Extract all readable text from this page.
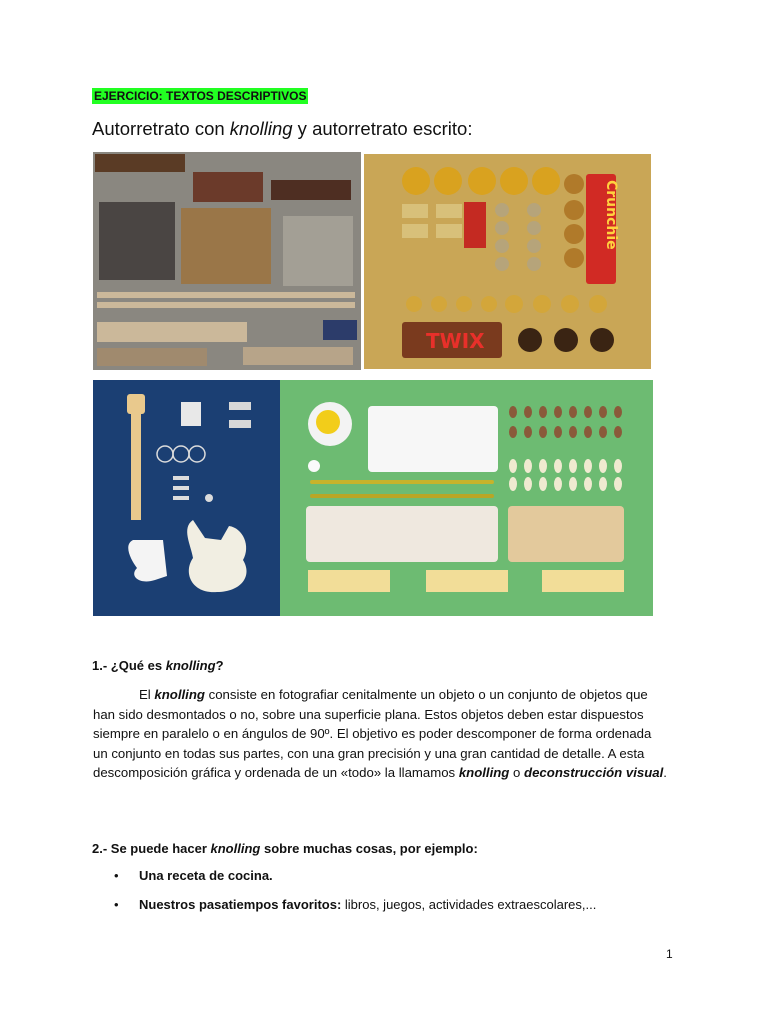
EJERCICIO: TEXTOS DESCRIPTIVOS
Autorretrato con knolling y autorretrato escrito:
Crunchie
TWIX
1.- ¿Qué es knolling?

El knolling consiste en fotografiar cenitalmente un objeto o un conjunto de objetos que han sido desmontados o no, sobre una superficie plana. Estos objetos deben estar dispuestos siempre en paralelo o en ángulos de 90º. El objetivo es poder descomponer de forma ordenada un conjunto en todas sus partes, con una gran precisión y una gran cantidad de detalle. A esta descomposición gráfica y ordenada de un «todo» la llamamos knolling o deconstrucción visual.

2.- Se puede hacer knolling sobre muchas cosas, por ejemplo:
• Una receta de cocina.
• Nuestros pasatiempos favoritos: libros, juegos, actividades extraescolares,...
1
